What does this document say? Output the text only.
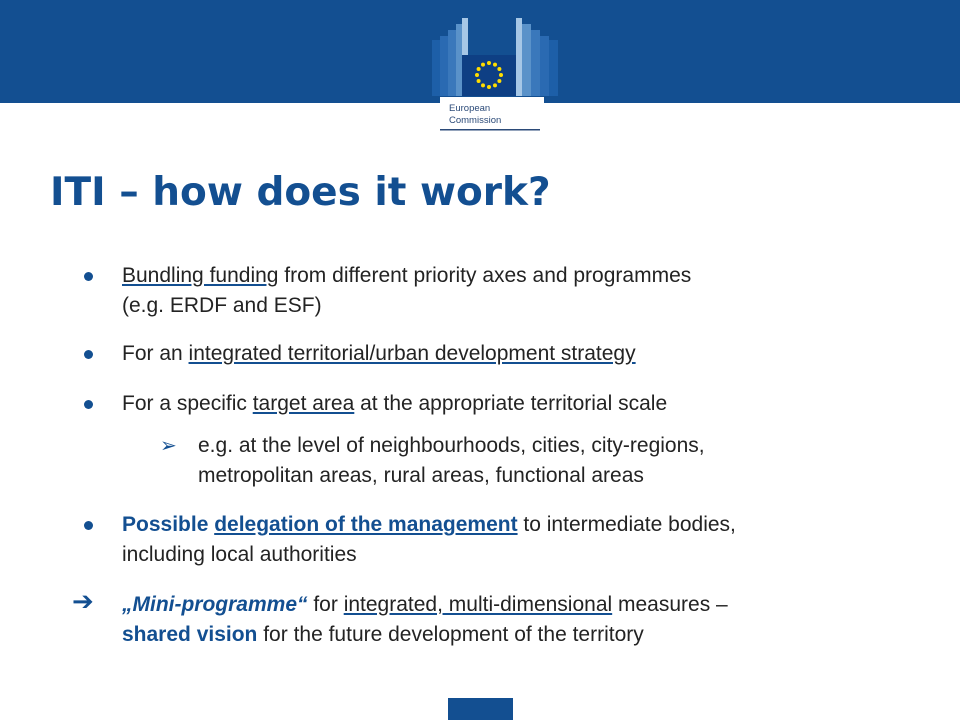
European
Commission
ITI – how does it work?
Bundling funding from different priority axes and programmes
(e.g. ERDF and ESF)
For an integrated territorial/urban development strategy
For a specific target area at the appropriate territorial scale
➢ e.g. at the level of neighbourhoods, cities, city-regions,
metropolitan areas, rural areas, functional areas
Possible delegation of the management to intermediate bodies,
including local authorities
➔ „Mini-programme“ for integrated, multi-dimensional measures –
shared vision for the future development of the territory
